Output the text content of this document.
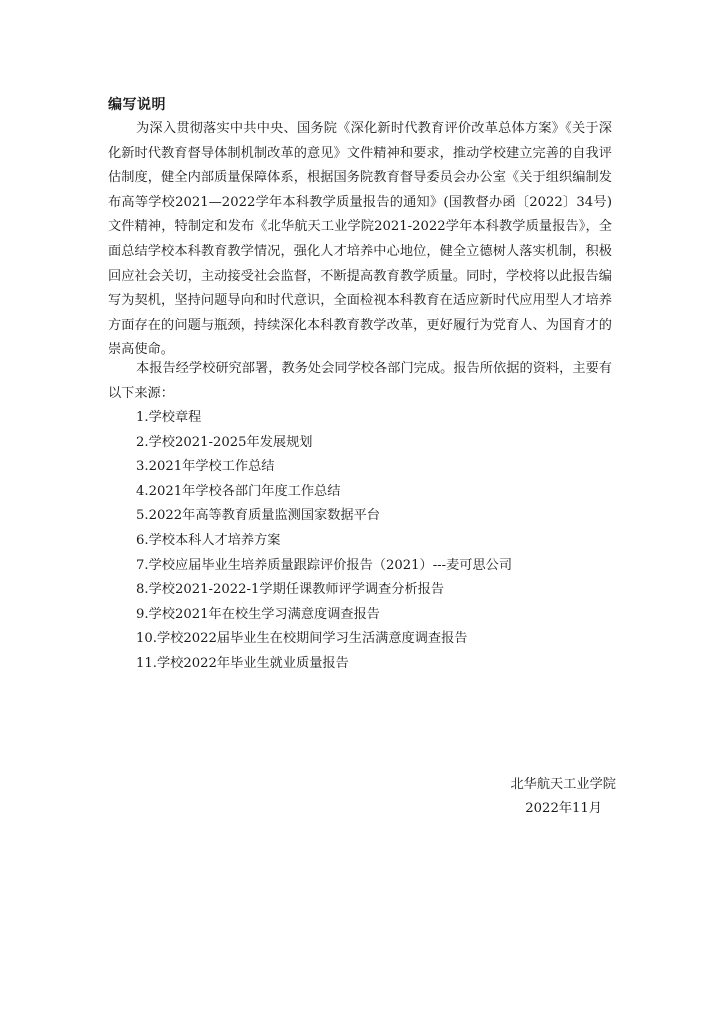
编写说明

为深入贯彻落实中共中央、国务院《深化新时代教育评价改革总体方案》《关于深化新时代教育督导体制机制改革的意见》文件精神和要求，推动学校建立完善的自我评估制度，健全内部质量保障体系，根据国务院教育督导委员会办公室《关于组织编制发布高等学校2021—2022学年本科教学质量报告的通知》(国教督办函〔2022〕34号)文件精神，特制定和发布《北华航天工业学院2021-2022学年本科教学质量报告》，全面总结学校本科教育教学情况，强化人才培养中心地位，健全立德树人落实机制，积极回应社会关切，主动接受社会监督，不断提高教育教学质量。同时，学校将以此报告编写为契机，坚持问题导向和时代意识，全面检视本科教育在适应新时代应用型人才培养方面存在的问题与瓶颈，持续深化本科教育教学改革，更好履行为党育人、为国育才的崇高使命。

本报告经学校研究部署，教务处会同学校各部门完成。报告所依据的资料，主要有以下来源：

1.学校章程
2.学校2021-2025年发展规划
3.2021年学校工作总结
4.2021年学校各部门年度工作总结
5.2022年高等教育质量监测国家数据平台
6.学校本科人才培养方案
7.学校应届毕业生培养质量跟踪评价报告（2021）---麦可思公司
8.学校2021-2022-1学期任课教师评学调查分析报告
9.学校2021年在校生学习满意度调查报告
10.学校2022届毕业生在校期间学习生活满意度调查报告
11.学校2022年毕业生就业质量报告
北华航天工业学院
2022年11月
